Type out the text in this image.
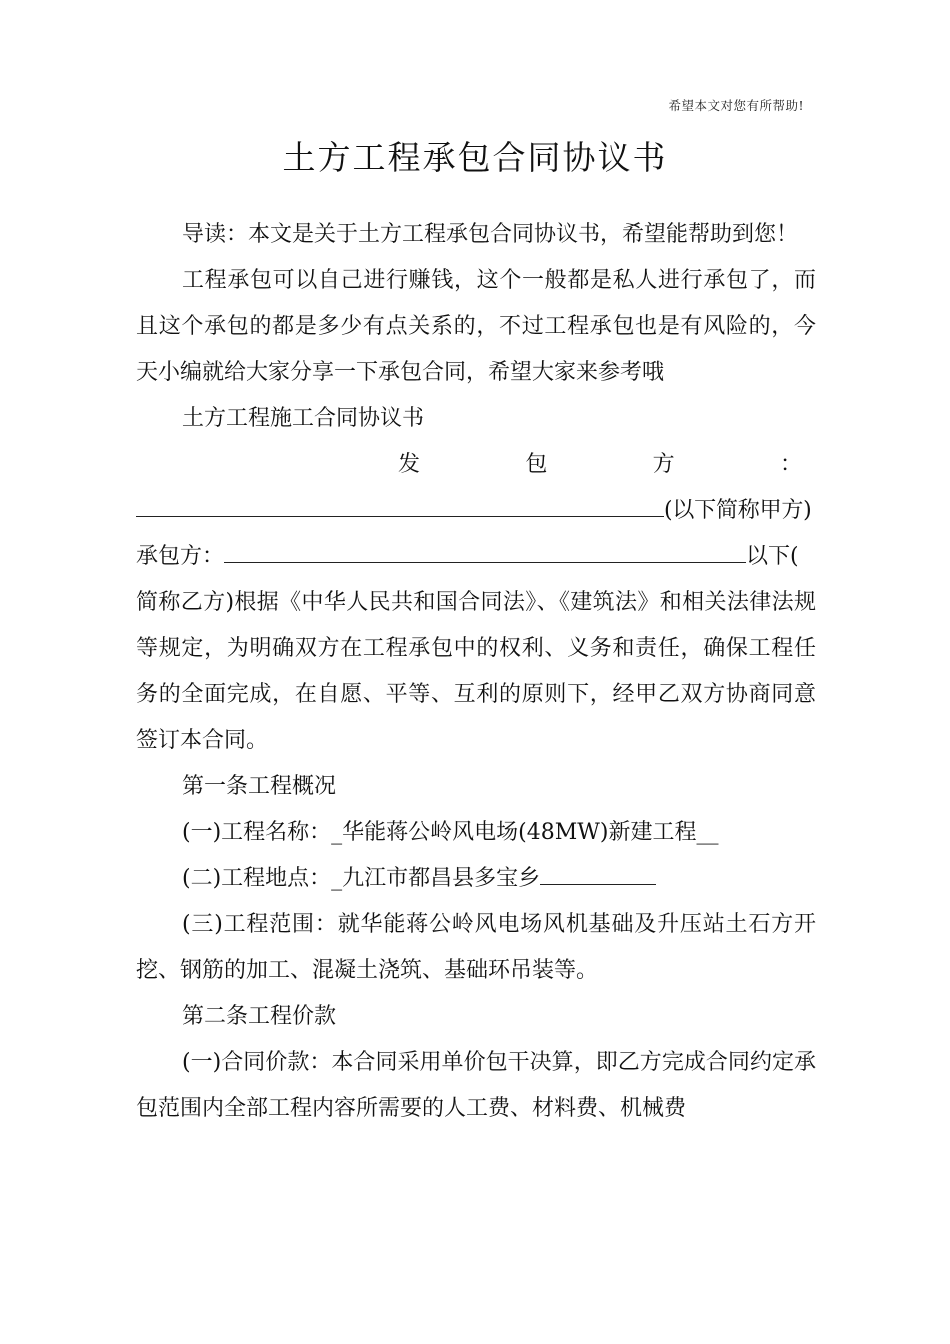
希望本文对您有所帮助!
土方工程承包合同协议书

导读：本文是关于土方工程承包合同协议书，希望能帮助到您！

工程承包可以自己进行赚钱，这个一般都是私人进行承包了，而且这个承包的都是多少有点关系的，不过工程承包也是有风险的，今天小编就给大家分享一下承包合同，希望大家来参考哦

土方工程施工合同协议书

发	包	方	：
(以下简称甲方)
承包方：	以下(

简称乙方)根据《中华人民共和国合同法》、《建筑法》和相关法律法规等规定，为明确双方在工程承包中的权利、义务和责任，确保工程任务的全面完成，在自愿、平等、互利的原则下，经甲乙双方协商同意签订本合同。

第一条工程概况

(一)工程名称：_华能蒋公岭风电场(48MW)新建工程__

(二)工程地点：_九江市都昌县多宝乡

(三)工程范围：就华能蒋公岭风电场风机基础及升压站土石方开挖、钢筋的加工、混凝土浇筑、基础环吊装等。

第二条工程价款

(一)合同价款：本合同采用单价包干决算，即乙方完成合同约定承包范围内全部工程内容所需要的人工费、材料费、机械费
